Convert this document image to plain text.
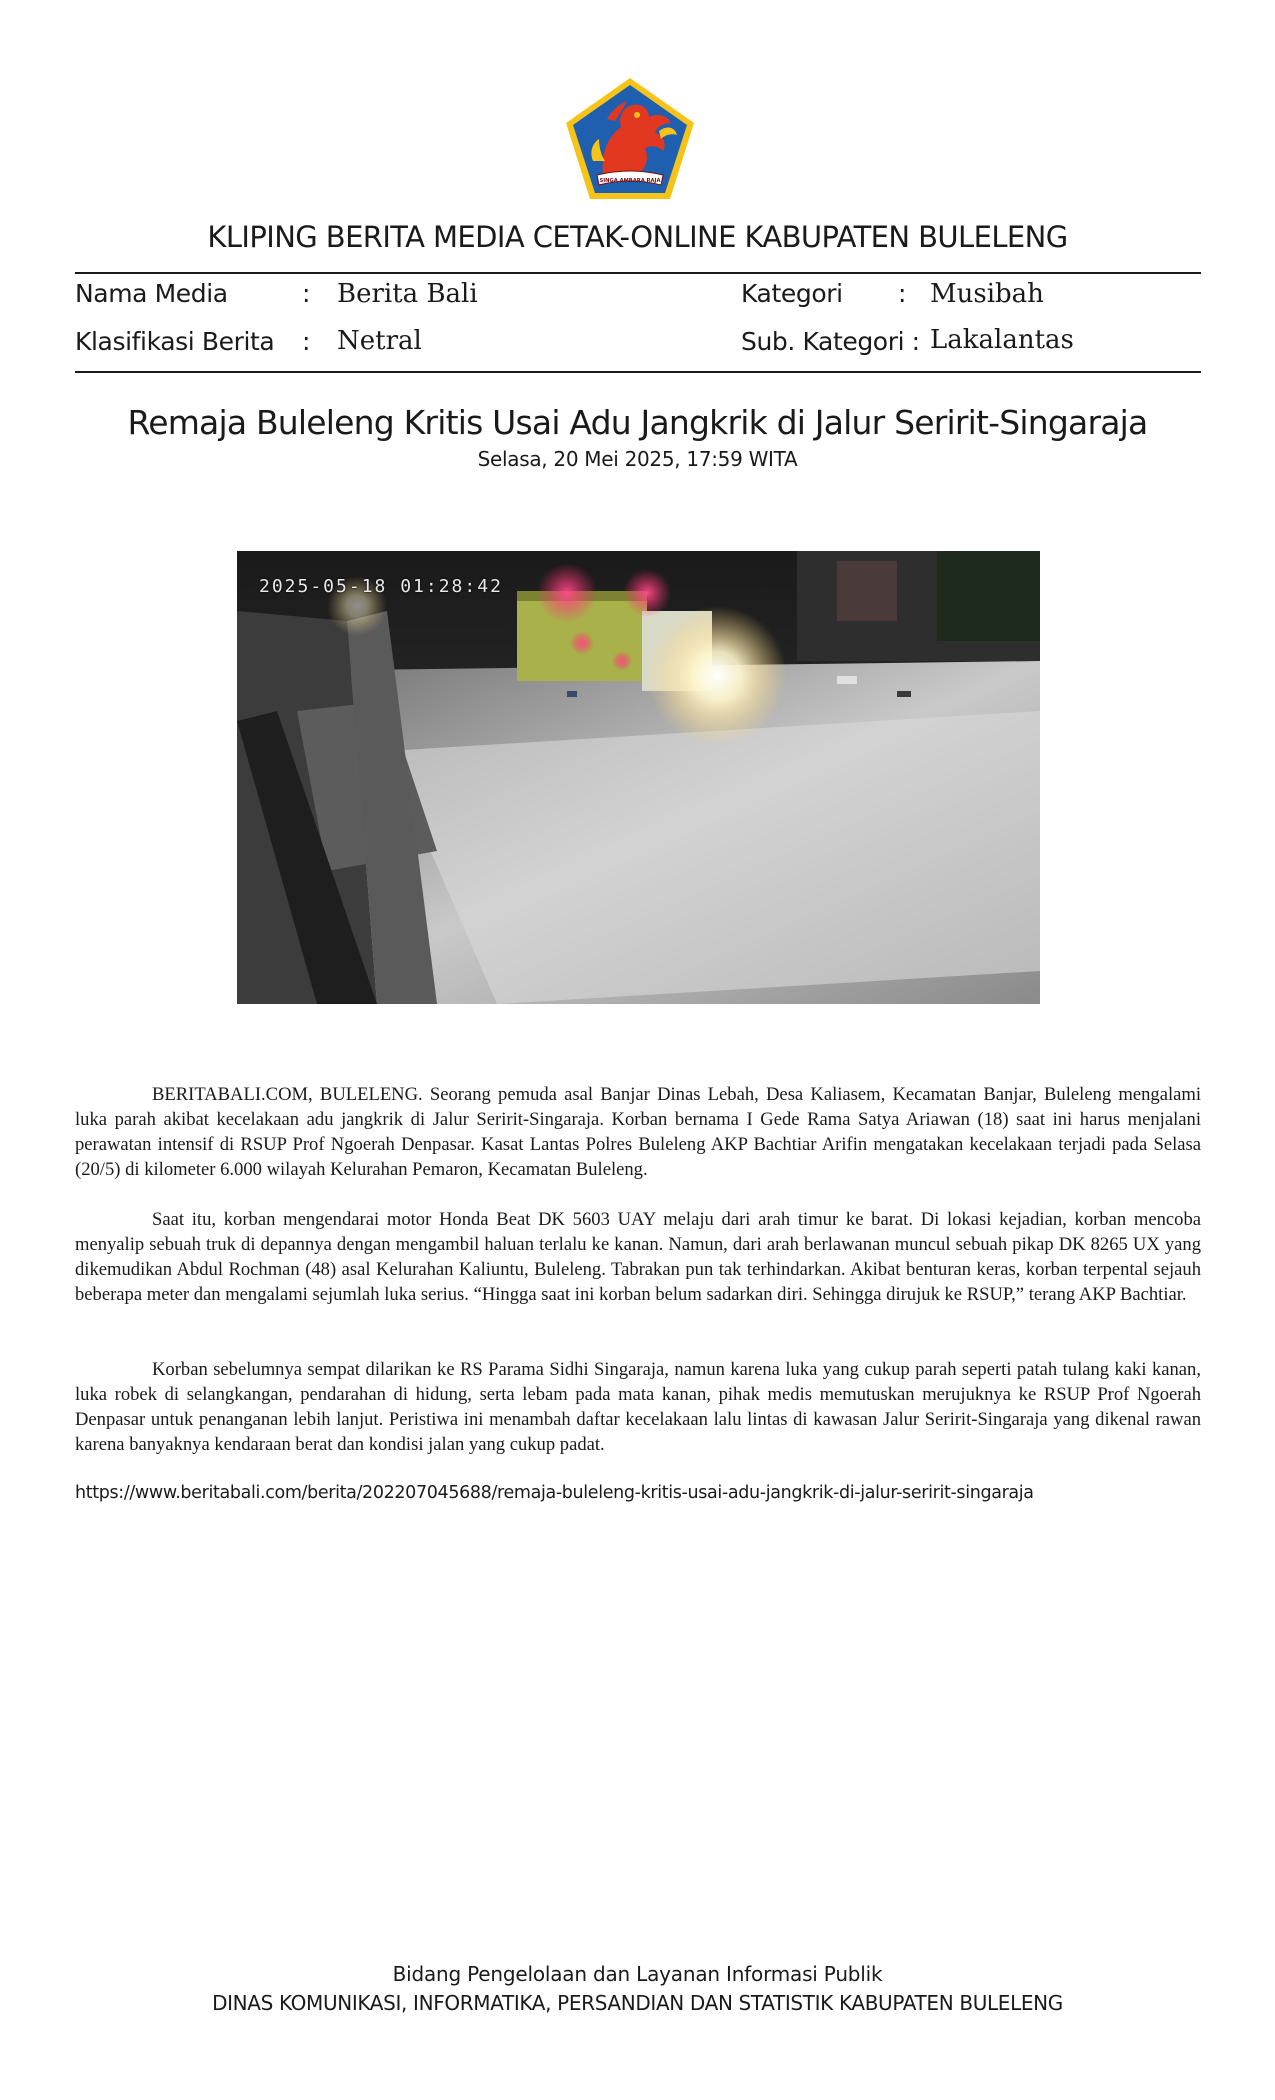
SINGA AMBARA RAJA
KLIPING BERITA MEDIA CETAK-ONLINE KABUPATEN BULELENG
Nama Media	: Berita Bali	Kategori : Musibah
Klasifikasi Berita : Netral	Sub. Kategori : Lakalantas
Remaja Buleleng Kritis Usai Adu Jangkrik di Jalur Seririt-Singaraja
Selasa, 20 Mei 2025, 17:59 WITA
2025-05-18 01:28:42
BERITABALI.COM, BULELENG. Seorang pemuda asal Banjar Dinas Lebah, Desa Kaliasem, Kecamatan Banjar, Buleleng mengalami luka parah akibat kecelakaan adu jangkrik di Jalur Seririt-Singaraja. Korban bernama I Gede Rama Satya Ariawan (18) saat ini harus menjalani perawatan intensif di RSUP Prof Ngoerah Denpasar. Kasat Lantas Polres Buleleng AKP Bachtiar Arifin mengatakan kecelakaan terjadi pada Selasa (20/5) di kilometer 6.000 wilayah Kelurahan Pemaron, Kecamatan Buleleng.
Saat itu, korban mengendarai motor Honda Beat DK 5603 UAY melaju dari arah timur ke barat. Di lokasi kejadian, korban mencoba menyalip sebuah truk di depannya dengan mengambil haluan terlalu ke kanan. Namun, dari arah berlawanan muncul sebuah pikap DK 8265 UX yang dikemudikan Abdul Rochman (48) asal Kelurahan Kaliuntu, Buleleng. Tabrakan pun tak terhindarkan. Akibat benturan keras, korban terpental sejauh beberapa meter dan mengalami sejumlah luka serius. “Hingga saat ini korban belum sadarkan diri. Sehingga dirujuk ke RSUP,” terang AKP Bachtiar.
Korban sebelumnya sempat dilarikan ke RS Parama Sidhi Singaraja, namun karena luka yang cukup parah seperti patah tulang kaki kanan, luka robek di selangkangan, pendarahan di hidung, serta lebam pada mata kanan, pihak medis memutuskan merujuknya ke RSUP Prof Ngoerah Denpasar untuk penanganan lebih lanjut. Peristiwa ini menambah daftar kecelakaan lalu lintas di kawasan Jalur Seririt-Singaraja yang dikenal rawan karena banyaknya kendaraan berat dan kondisi jalan yang cukup padat.
https://www.beritabali.com/berita/202207045688/remaja-buleleng-kritis-usai-adu-jangkrik-di-jalur-seririt-singaraja
Bidang Pengelolaan dan Layanan Informasi Publik
DINAS KOMUNIKASI, INFORMATIKA, PERSANDIAN DAN STATISTIK KABUPATEN BULELENG
